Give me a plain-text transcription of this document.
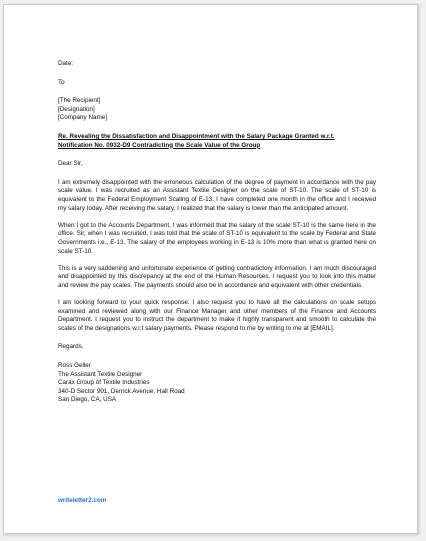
Date:
To
[The Recipient]
[Designation]
[Company Name]
Re. Revealing the Dissatisfaction and Disappointment with the Salary Package Granted w.r.t.
Notification No. 0932-D9 Contradicting the Scale Value of the Group
Dear Sir,
I am extremely disappointed with the erroneous calculation of the degree of payment in accordance with the pay scale value. I was recruited as an Assistant Textile Designer on the scale of ST-10. The scale of ST-10 is equivalent to the Federal Employment Scaling of E-13. I have completed one month in the office and I received my salary today. After receiving the salary, I realized that the salary is lower than the anticipated amount.
When I got to the Accounts Department, I was informed that the salary of the scale ST-10 is the same here in the office. Sir, when I was recruited, I was told that the scale of ST-10 is equivalent to the scale by Federal and State Governments i.e., E-13. The salary of the employees working in E-13 is 10% more than what is granted here on scale ST-10.
This is a very saddening and unfortunate experience of getting contradictory information. I am much discouraged and disappointed by this discrepancy at the end of the Human Resources. I request you to look into this matter and review the pay scales. The payments should also be in accordance and equivalent with other credentials.
I am looking forward to your quick response. I also request you to have all the calculations on scale setups examined and reviewed along with our Finance Manager and other members of the Finance and Accounts Department. I request you to instruct the department to make it highly transparent and smooth to calculate the scales of the designations w.r.t salary payments. Please respond to me by writing to me at [EMAIL].
Regards,
Ross Geller
The Assistant Textile Designer
Carax Group of Textile Industries
340-D Sector 901, Derrick Avenue, Hall Road
San Diego, CA, USA
writeletter2.com
